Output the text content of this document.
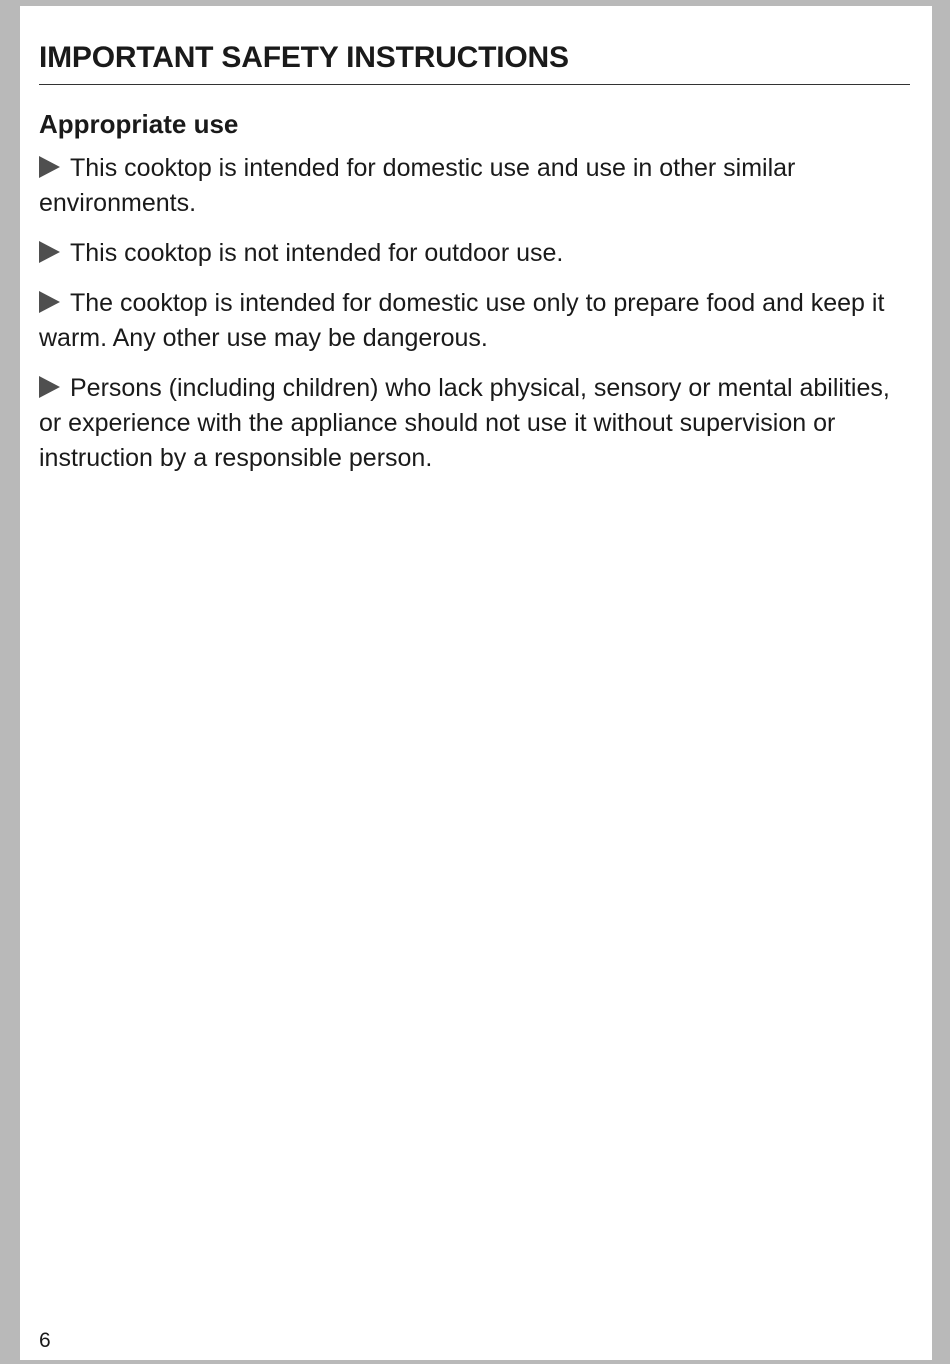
IMPORTANT SAFETY INSTRUCTIONS
Appropriate use
This cooktop is intended for domestic use and use in other similar environments.
This cooktop is not intended for outdoor use.
The cooktop is intended for domestic use only to prepare food and keep it warm. Any other use may be dangerous.
Persons (including children) who lack physical, sensory or mental abilities, or experience with the appliance should not use it without supervision or instruction by a responsible person.
6
